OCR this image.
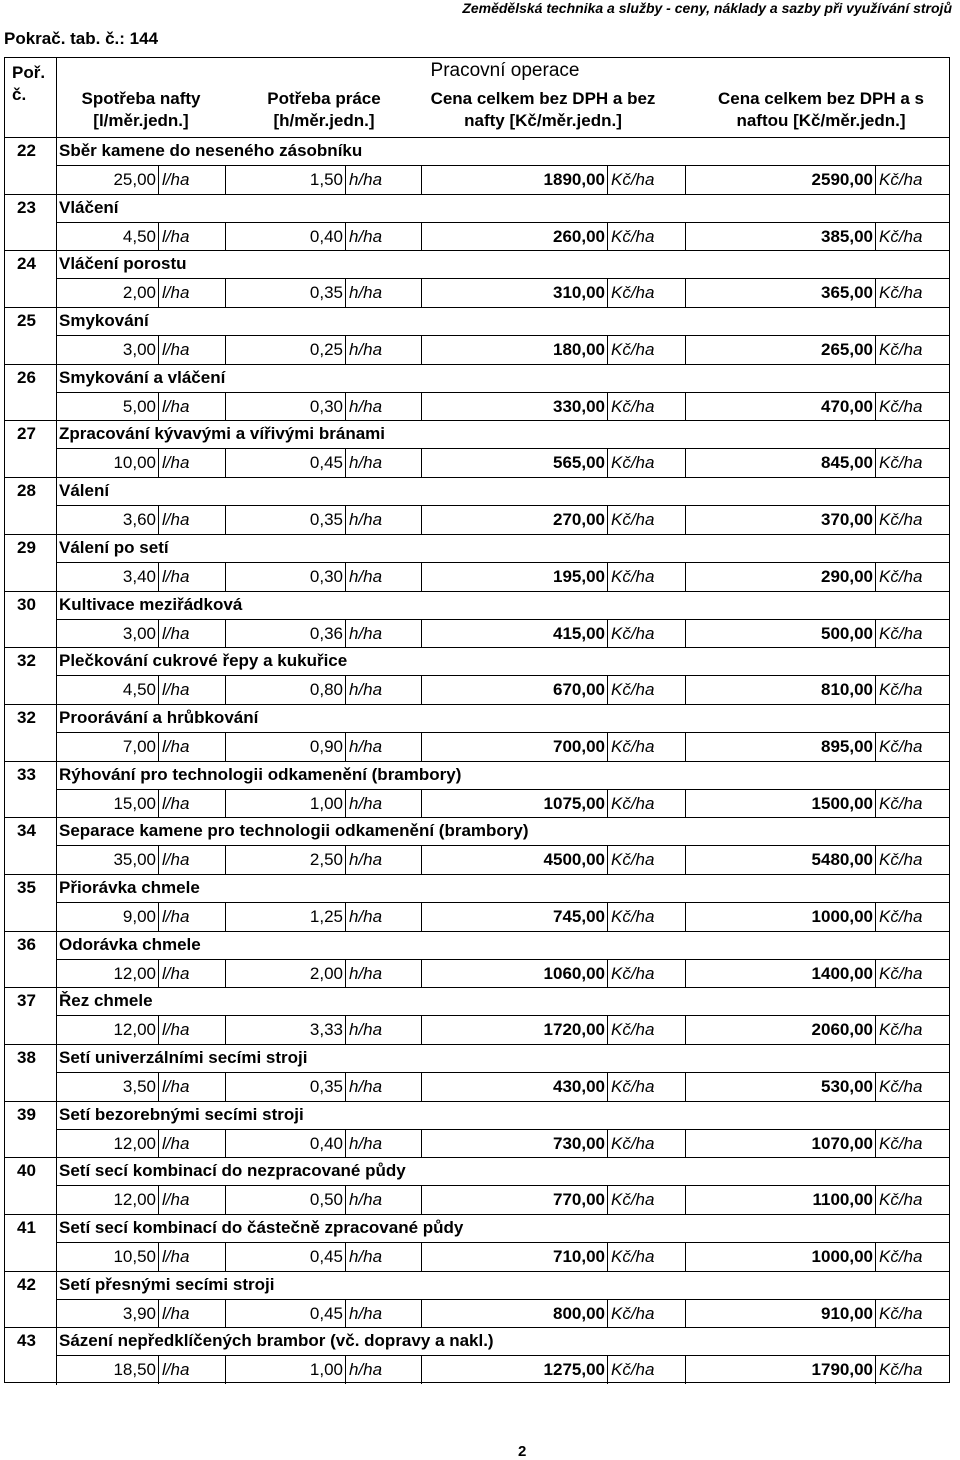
Zemědělská technika a služby - ceny, náklady a sazby při využívání strojů
Pokrač. tab. č.: 144
Poř. č.
Pracovní operace
Spotřeba nafty [l/měr.jedn.]
Potřeba práce [h/měr.jedn.]
Cena celkem bez DPH a bez nafty [Kč/měr.jedn.]
Cena celkem bez DPH a s naftou [Kč/měr.jedn.]
22	Sběr kamene do neseného zásobníku
25,00 l/ha	1,50 h/ha	1890,00 Kč/ha	2590,00 Kč/ha
23	Vláčení
4,50 l/ha	0,40 h/ha	260,00 Kč/ha	385,00 Kč/ha
24	Vláčení porostu
2,00 l/ha	0,35 h/ha	310,00 Kč/ha	365,00 Kč/ha
25	Smykování
3,00 l/ha	0,25 h/ha	180,00 Kč/ha	265,00 Kč/ha
26	Smykování a vláčení
5,00 l/ha	0,30 h/ha	330,00 Kč/ha	470,00 Kč/ha
27	Zpracování kývavými a vířivými bránami
10,00 l/ha	0,45 h/ha	565,00 Kč/ha	845,00 Kč/ha
28	Válení
3,60 l/ha	0,35 h/ha	270,00 Kč/ha	370,00 Kč/ha
29	Válení po setí
3,40 l/ha	0,30 h/ha	195,00 Kč/ha	290,00 Kč/ha
30	Kultivace meziřádková
3,00 l/ha	0,36 h/ha	415,00 Kč/ha	500,00 Kč/ha
32	Plečkování cukrové řepy a kukuřice
4,50 l/ha	0,80 h/ha	670,00 Kč/ha	810,00 Kč/ha
32	Proorávání a hrůbkování
7,00 l/ha	0,90 h/ha	700,00 Kč/ha	895,00 Kč/ha
33	Rýhování pro technologii odkamenění (brambory)
15,00 l/ha	1,00 h/ha	1075,00 Kč/ha	1500,00 Kč/ha
34	Separace kamene pro technologii odkamenění (brambory)
35,00 l/ha	2,50 h/ha	4500,00 Kč/ha	5480,00 Kč/ha
35	Přiorávka chmele
9,00 l/ha	1,25 h/ha	745,00 Kč/ha	1000,00 Kč/ha
36	Odorávka chmele
12,00 l/ha	2,00 h/ha	1060,00 Kč/ha	1400,00 Kč/ha
37	Řez chmele
12,00 l/ha	3,33 h/ha	1720,00 Kč/ha	2060,00 Kč/ha
38	Setí univerzálními secími stroji
3,50 l/ha	0,35 h/ha	430,00 Kč/ha	530,00 Kč/ha
39	Setí bezorebnými secími stroji
12,00 l/ha	0,40 h/ha	730,00 Kč/ha	1070,00 Kč/ha
40	Setí secí kombinací do nezpracované půdy
12,00 l/ha	0,50 h/ha	770,00 Kč/ha	1100,00 Kč/ha
41	Setí secí kombinací do částečně zpracované půdy
10,50 l/ha	0,45 h/ha	710,00 Kč/ha	1000,00 Kč/ha
42	Setí přesnými secími stroji
3,90 l/ha	0,45 h/ha	800,00 Kč/ha	910,00 Kč/ha
43	Sázení nepředklíčených brambor (vč. dopravy a nakl.)
18,50 l/ha	1,00 h/ha	1275,00 Kč/ha	1790,00 Kč/ha
2
